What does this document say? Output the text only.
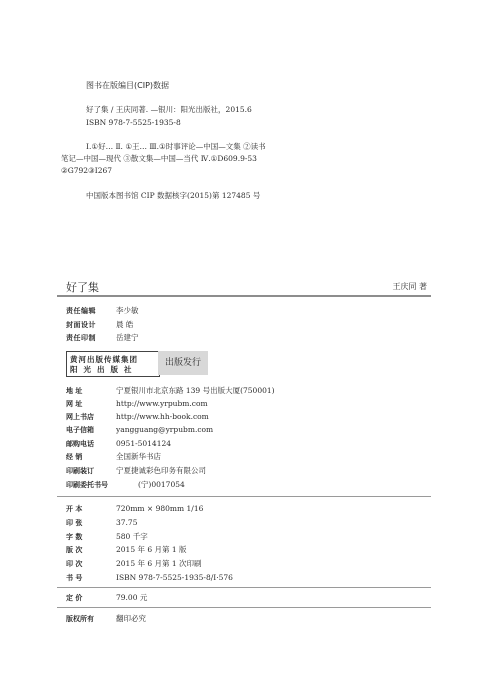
图书在版编目(CIP)数据
好了集 / 王庆同著. —银川：阳光出版社，2015.6
ISBN 978-7-5525-1935-8
Ⅰ.①好… Ⅱ. ①王… Ⅲ.①时事评论—中国—文集 ②读书
笔记—中国—现代 ③散文集—中国—当代 Ⅳ.①D609.9-53
②G792③I267
中国版本图书馆 CIP 数据核字(2015)第 127485 号
好了集	王庆同 著
责任编辑	李少敏
封面设计	晨 皓
责任印制	岳建宁
黄河出版传媒集团
阳光出版社
出版发行
地 址	宁夏银川市北京东路 139 号出版大厦(750001)
网 址	http://www.yrpubm.com
网上书店	http://www.hh-book.com
电子信箱	yangguang@yrpubm.com
邮购电话	0951-5014124
经 销	全国新华书店
印刷装订	宁夏捷诚彩色印务有限公司
印刷委托书号	(宁)0017054
开 本	720mm × 980mm 1/16
印 张	37.75
字 数	580 千字
版 次	2015 年 6 月第 1 版
印 次	2015 年 6 月第 1 次印刷
书 号	ISBN 978-7-5525-1935-8/I·576
定 价	79.00 元
版权所有	翻印必究
